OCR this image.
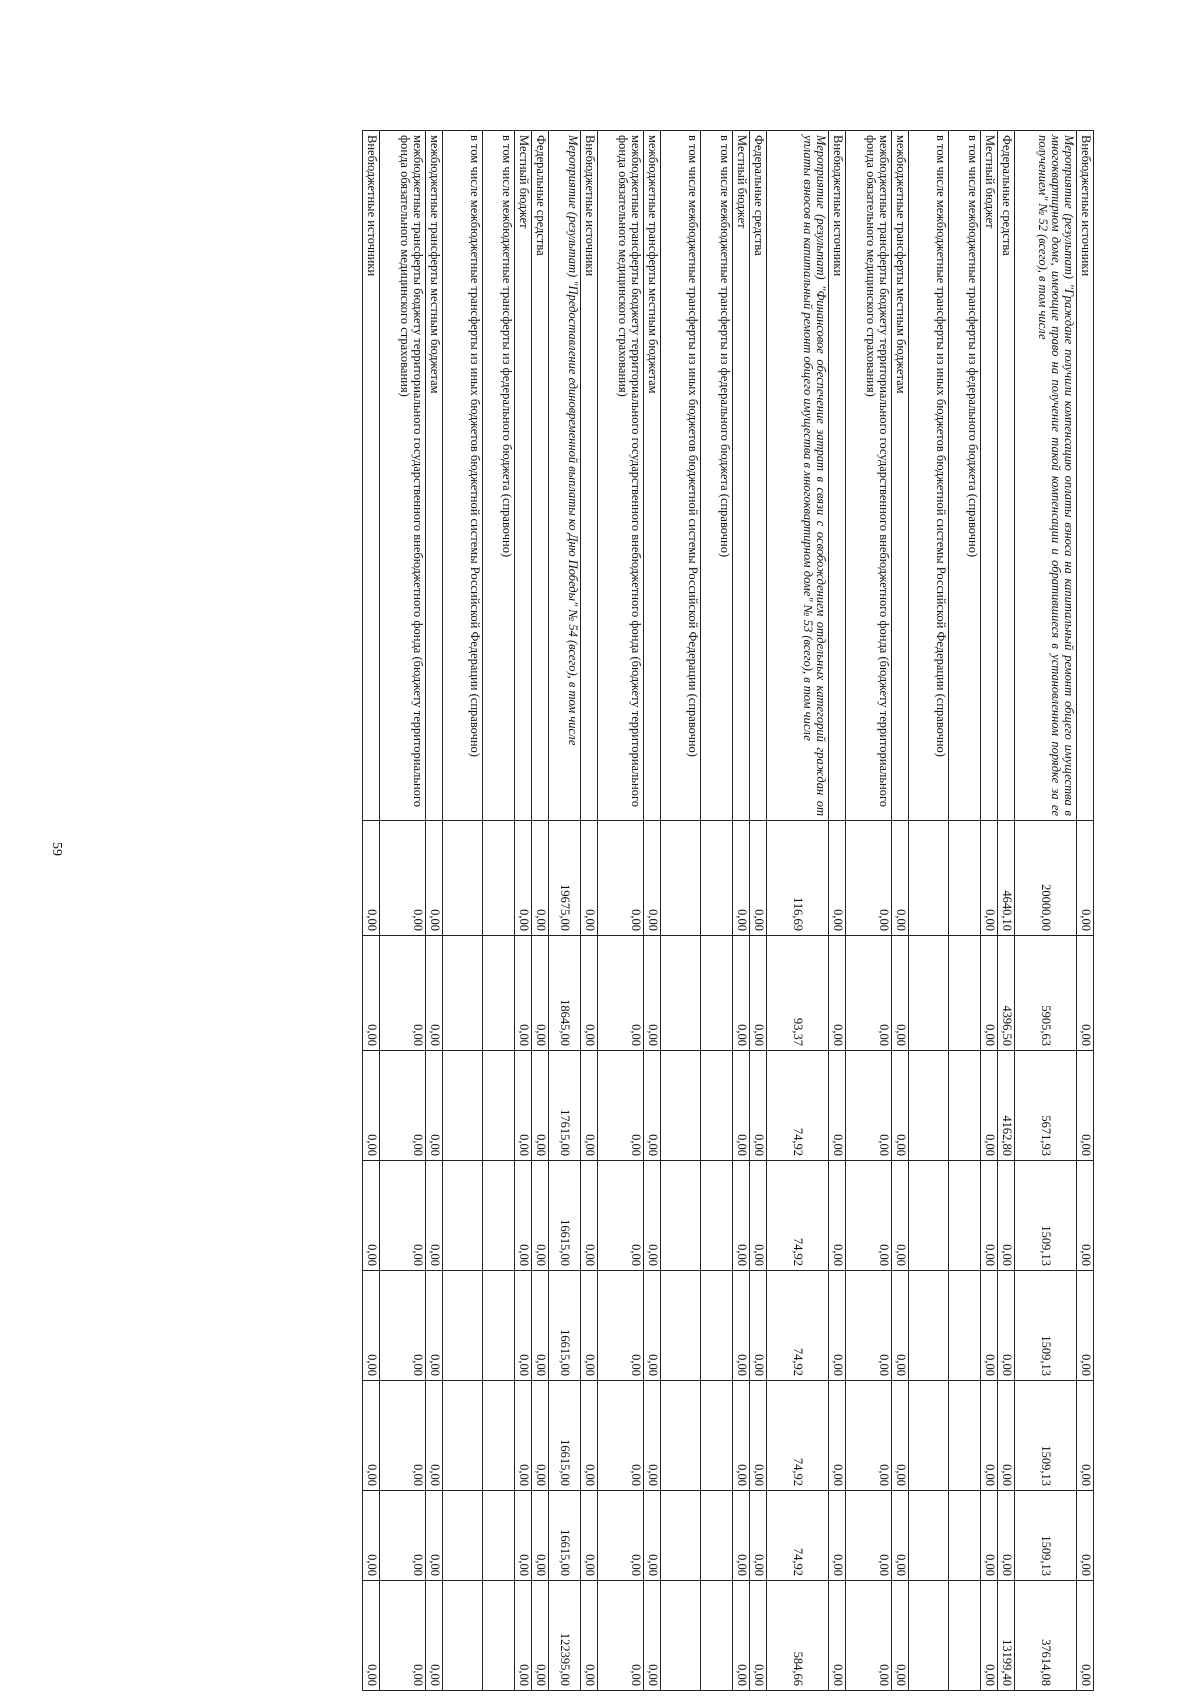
59
Внебюджетные источники	0,00	0,00	0,00	0,00	0,00	0,00	0,00	0,00
Мероприятие (результат) "Граждане получили компенсацию оплаты взноса на капитальный ремонт общего имущества в многоквартирном доме, имеющие право на получение такой компенсации и обратившиеся в установленном порядке за ее получением" № 52 (всего), в том числе	20000,00	5905,63	5671,93	1509,13	1509,13	1509,13	1509,13	37614,08
Федеральные средства	4640,10	4396,50	4162,80	0,00	0,00	0,00	0,00	13199,40
Местный бюджет	0,00	0,00	0,00	0,00	0,00	0,00	0,00	0,00
в том числе межбюджетные трансферты из федерального бюджета (справочно)								
в том числе межбюджетные трансферты из иных бюджетов бюджетной системы Российской Федерации (справочно)								
межбюджетные трансферты местным бюджетам	0,00	0,00	0,00	0,00	0,00	0,00	0,00	0,00
межбюджетные трансферты бюджету территориального государственного внебюджетного фонда (бюджету территориального фонда обязательного медицинского страхования)	0,00	0,00	0,00	0,00	0,00	0,00	0,00	0,00
Внебюджетные источники	0,00	0,00	0,00	0,00	0,00	0,00	0,00	0,00
Мероприятие (результат) "Финансовое обеспечение затрат в связи с освобождением отдельных категорий граждан от уплаты взносов на капитальный ремонт общего имущества в многоквартирном доме" № 53 (всего), в том числе	116,69	93,37	74,92	74,92	74,92	74,92	74,92	584,66
Федеральные средства	0,00	0,00	0,00	0,00	0,00	0,00	0,00	0,00
Местный бюджет	0,00	0,00	0,00	0,00	0,00	0,00	0,00	0,00
в том числе межбюджетные трансферты из федерального бюджета (справочно)								
в том числе межбюджетные трансферты из иных бюджетов бюджетной системы Российской Федерации (справочно)								
межбюджетные трансферты местным бюджетам	0,00	0,00	0,00	0,00	0,00	0,00	0,00	0,00
межбюджетные трансферты бюджету территориального государственного внебюджетного фонда (бюджету территориального фонда обязательного медицинского страхования)	0,00	0,00	0,00	0,00	0,00	0,00	0,00	0,00
Внебюджетные источники	0,00	0,00	0,00	0,00	0,00	0,00	0,00	0,00
Мероприятие (результат) "Предоставление единовременной выплаты ко Дню Победы" № 54 (всего), в том числе	19675,00	18645,00	17615,00	16615,00	16615,00	16615,00	16615,00	122395,00
Федеральные средства	0,00	0,00	0,00	0,00	0,00	0,00	0,00	0,00
Местный бюджет	0,00	0,00	0,00	0,00	0,00	0,00	0,00	0,00
в том числе межбюджетные трансферты из федерального бюджета (справочно)								
в том числе межбюджетные трансферты из иных бюджетов бюджетной системы Российской Федерации (справочно)								
межбюджетные трансферты местным бюджетам	0,00	0,00	0,00	0,00	0,00	0,00	0,00	0,00
межбюджетные трансферты бюджету территориального государственного внебюджетного фонда (бюджету территориального фонда обязательного медицинского страхования)	0,00	0,00	0,00	0,00	0,00	0,00	0,00	0,00
Внебюджетные источники	0,00	0,00	0,00	0,00	0,00	0,00	0,00	0,00
